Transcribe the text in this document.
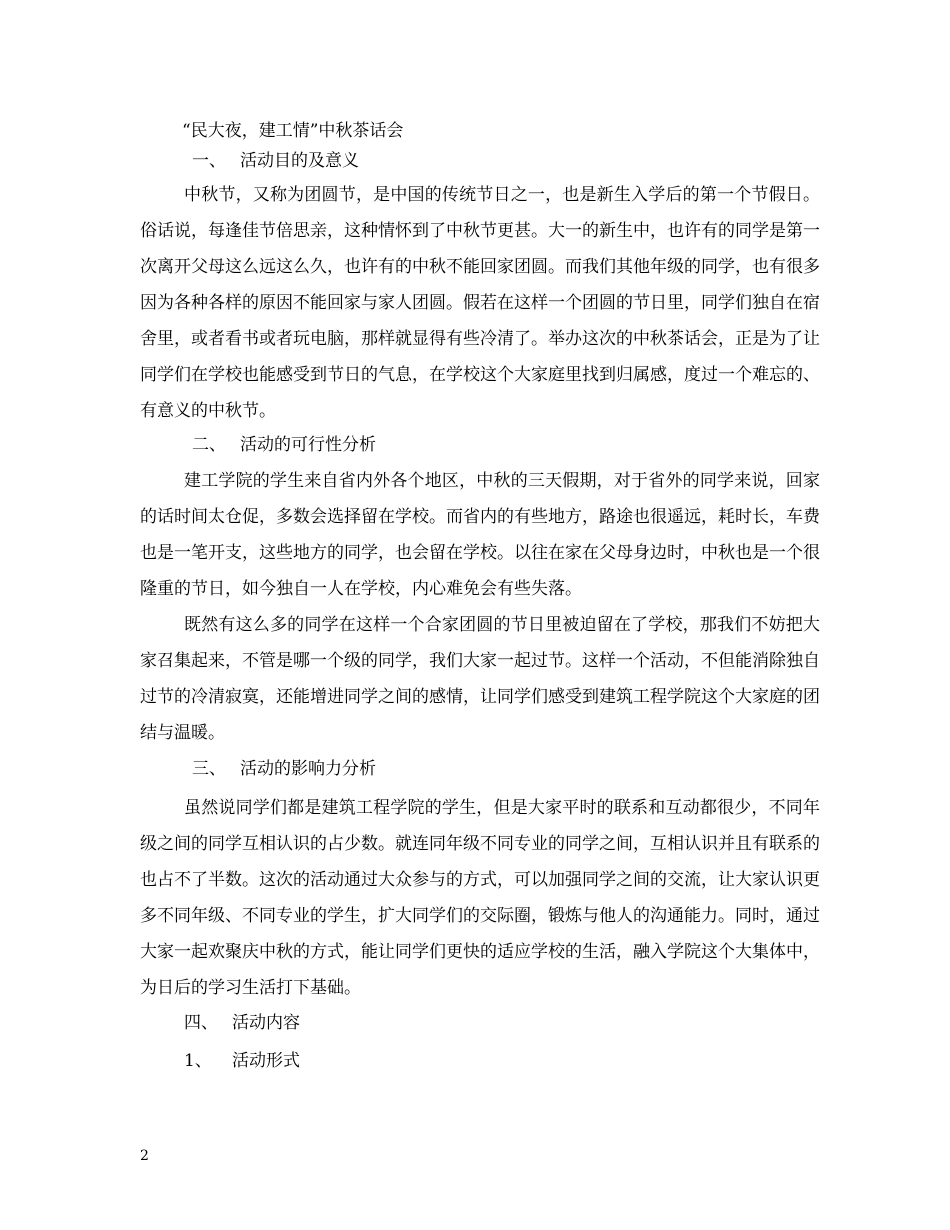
“民大夜，建工情”中秋茶话会
一、 活动目的及意义

中秋节，又称为团圆节，是中国的传统节日之一，也是新生入学后的第一个节假日。俗话说，每逢佳节倍思亲，这种情怀到了中秋节更甚。大一的新生中，也许有的同学是第一次离开父母这么远这么久，也许有的中秋不能回家团圆。而我们其他年级的同学，也有很多因为各种各样的原因不能回家与家人团圆。假若在这样一个团圆的节日里，同学们独自在宿舍里，或者看书或者玩电脑，那样就显得有些冷清了。举办这次的中秋茶话会，正是为了让同学们在学校也能感受到节日的气息，在学校这个大家庭里找到归属感，度过一个难忘的、有意义的中秋节。

二、 活动的可行性分析

建工学院的学生来自省内外各个地区，中秋的三天假期，对于省外的同学来说，回家的话时间太仓促，多数会选择留在学校。而省内的有些地方，路途也很遥远，耗时长，车费也是一笔开支，这些地方的同学，也会留在学校。以往在家在父母身边时，中秋也是一个很隆重的节日，如今独自一人在学校，内心难免会有些失落。

既然有这么多的同学在这样一个合家团圆的节日里被迫留在了学校，那我们不妨把大家召集起来，不管是哪一个级的同学，我们大家一起过节。这样一个活动，不但能消除独自过节的冷清寂寞，还能增进同学之间的感情，让同学们感受到建筑工程学院这个大家庭的团结与温暖。

三、 活动的影响力分析

虽然说同学们都是建筑工程学院的学生，但是大家平时的联系和互动都很少，不同年级之间的同学互相认识的占少数。就连同年级不同专业的同学之间，互相认识并且有联系的也占不了半数。这次的活动通过大众参与的方式，可以加强同学之间的交流，让大家认识更多不同年级、不同专业的学生，扩大同学们的交际圈，锻炼与他人的沟通能力。同时，通过大家一起欢聚庆中秋的方式，能让同学们更快的适应学校的生活，融入学院这个大集体中，为日后的学习生活打下基础。

四、 活动内容
1、 活动形式
2
